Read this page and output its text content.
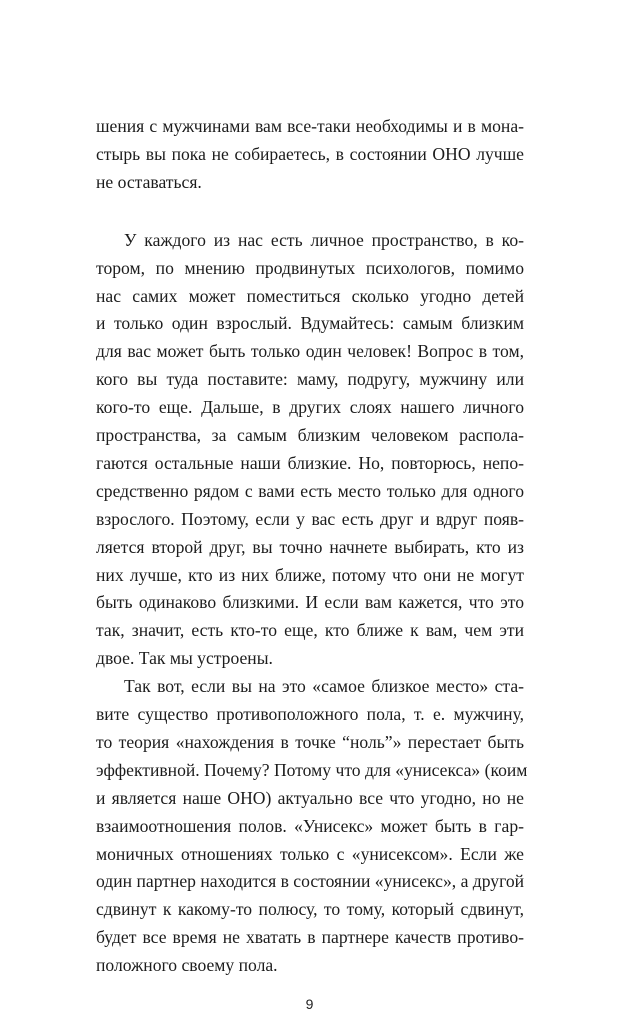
шения с мужчинами вам все-таки необходимы и в мона-
стырь вы пока не собираетесь, в состоянии ОНО лучше
не оставаться.
У каждого из нас есть личное пространство, в ко-
тором, по мнению продвинутых психологов, помимо
нас самих может поместиться сколько угодно детей
и только один взрослый. Вдумайтесь: самым близким
для вас может быть только один человек! Вопрос в том,
кого вы туда поставите: маму, подругу, мужчину или
кого-то еще. Дальше, в других слоях нашего личного
пространства, за самым близким человеком распола-
гаются остальные наши близкие. Но, повторюсь, непо-
средственно рядом с вами есть место только для одного
взрослого. Поэтому, если у вас есть друг и вдруг появ-
ляется второй друг, вы точно начнете выбирать, кто из
них лучше, кто из них ближе, потому что они не могут
быть одинаково близкими. И если вам кажется, что это
так, значит, есть кто-то еще, кто ближе к вам, чем эти
двое. Так мы устроены.
Так вот, если вы на это «самое близкое место» ста-
вите существо противоположного пола, т. е. мужчину,
то теория «нахождения в точке “ноль”» перестает быть
эффективной. Почему? Потому что для «унисекса» (коим
и является наше ОНО) актуально все что угодно, но не
взаимоотношения полов. «Унисекс» может быть в гар-
моничных отношениях только с «унисексом». Если же
один партнер находится в состоянии «унисекс», а другой
сдвинут к какому-то полюсу, то тому, который сдвинут,
будет все время не хватать в партнере качеств противо-
положного своему пола.
9
